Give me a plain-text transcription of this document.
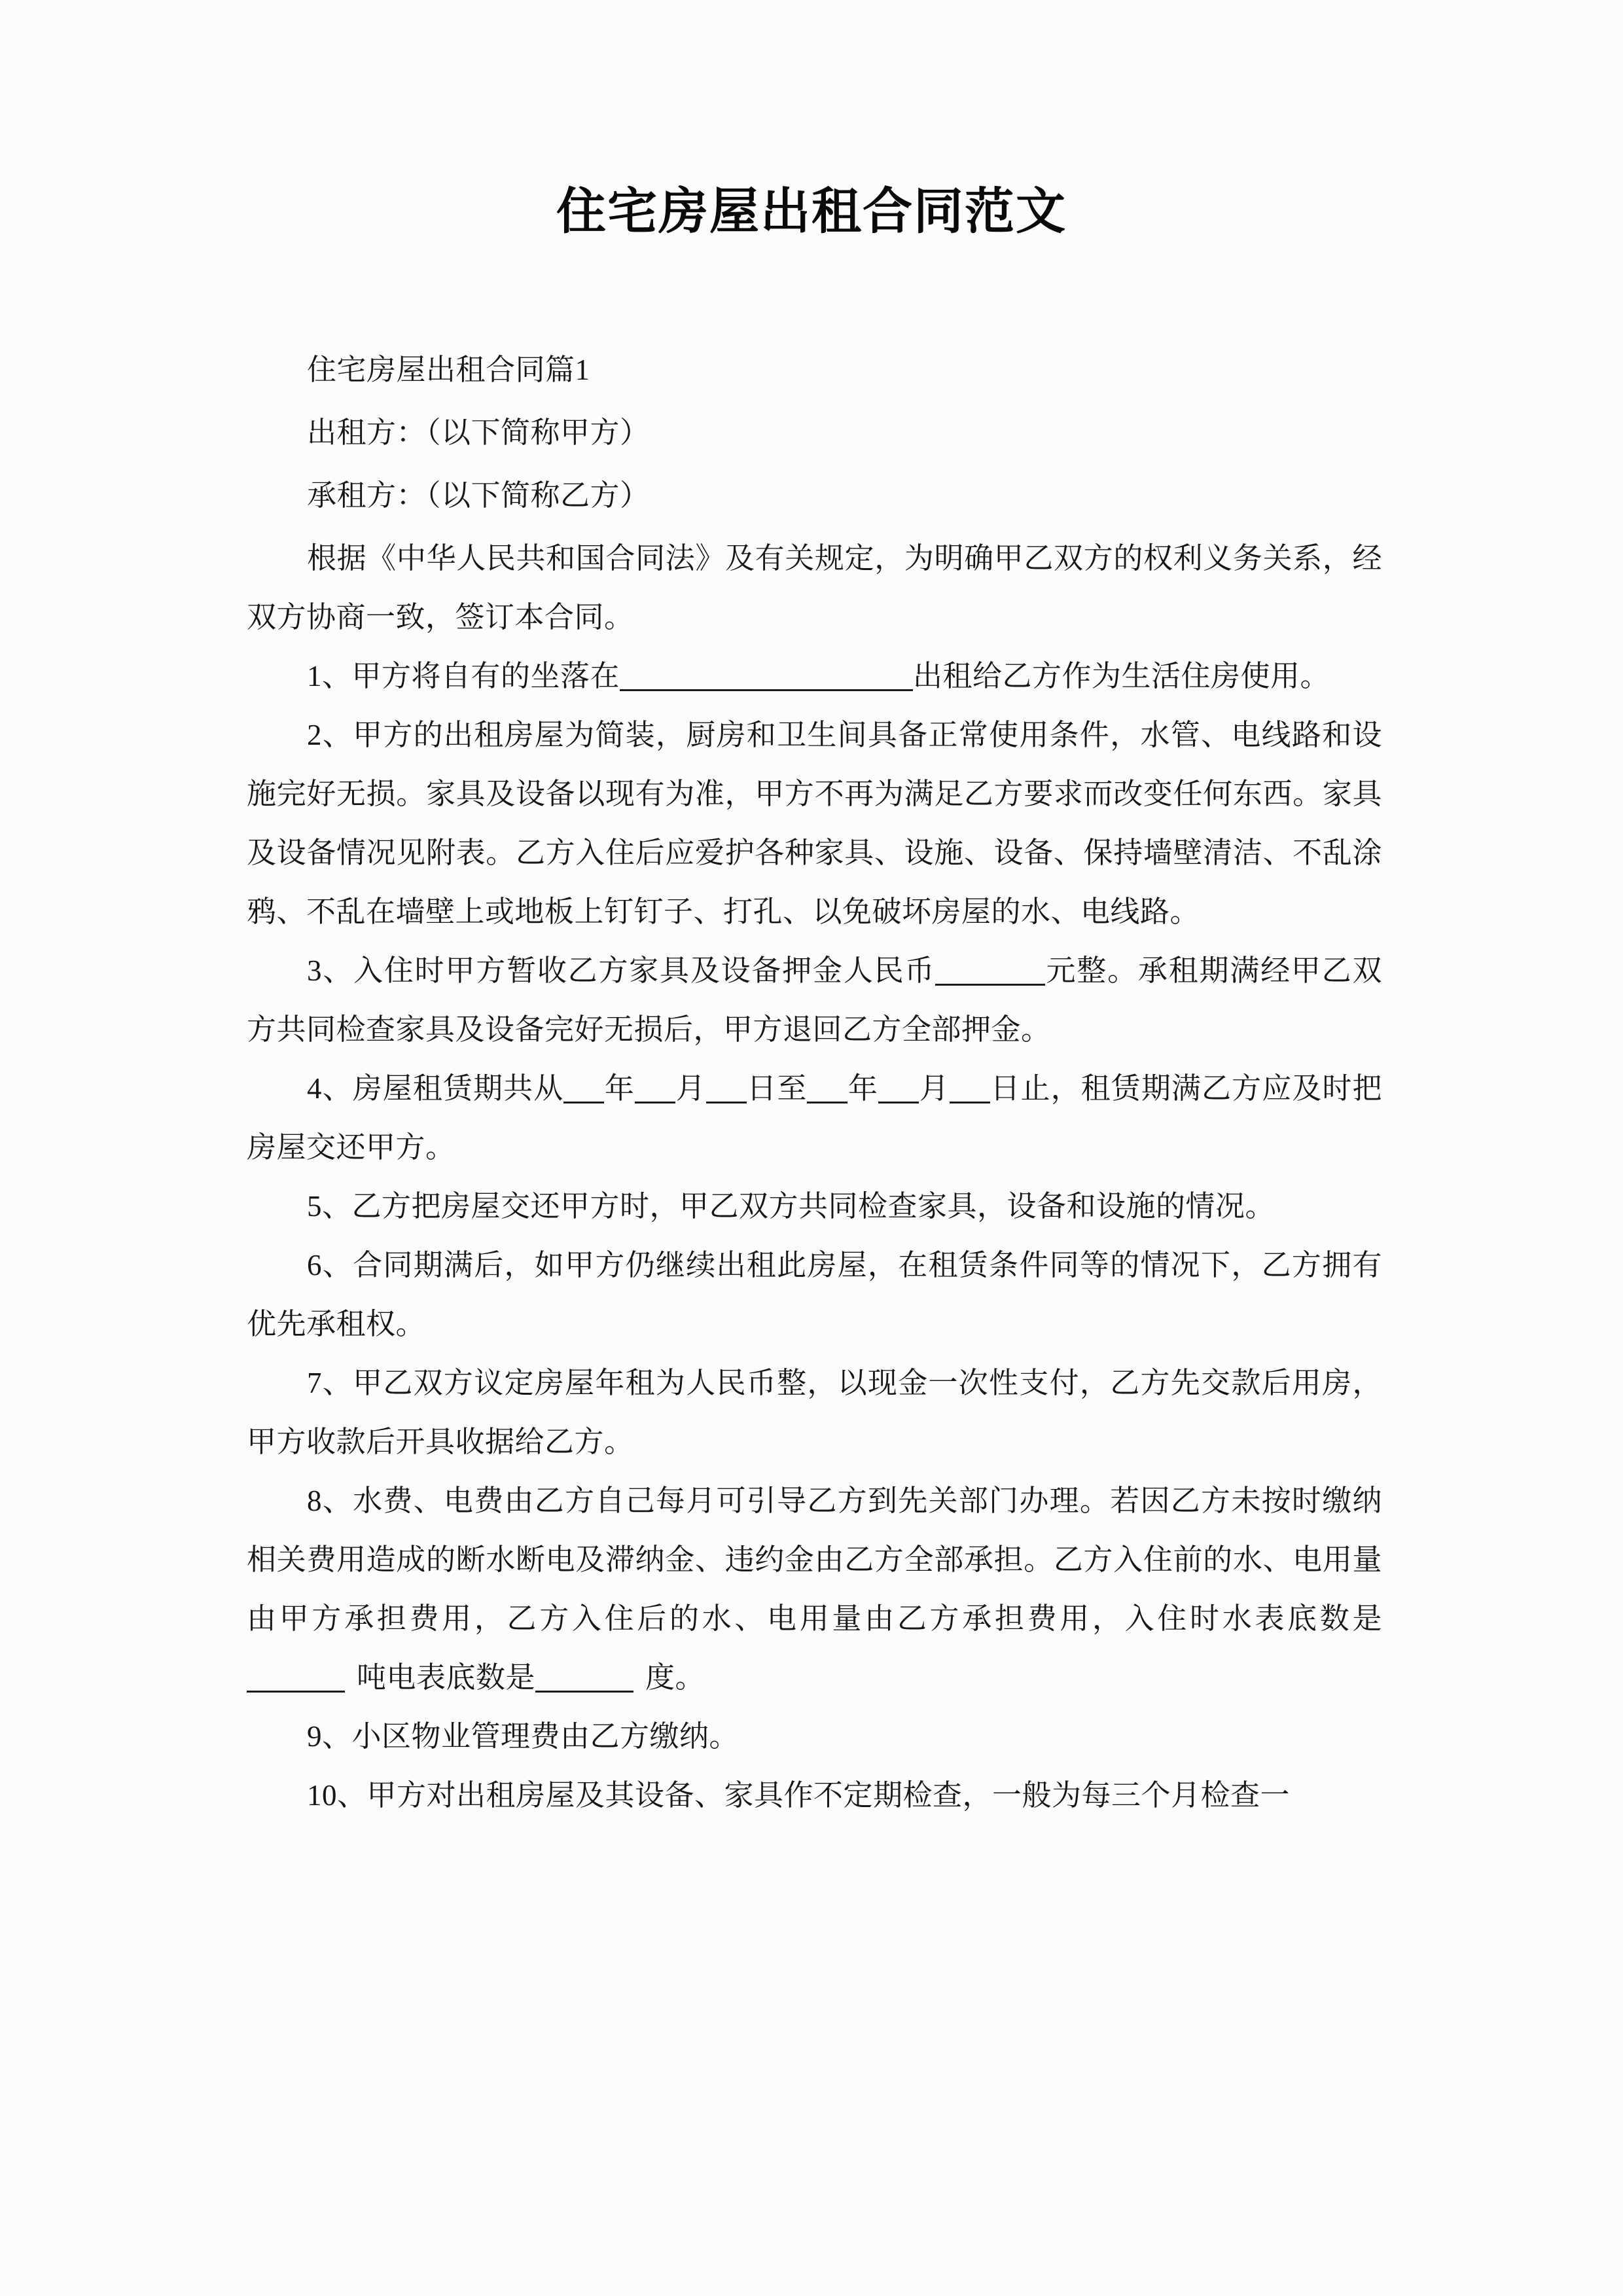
住宅房屋出租合同范文

住宅房屋出租合同篇1

出租方：（以下简称甲方）

承租方：（以下简称乙方）

根据《中华人民共和国合同法》及有关规定，为明确甲乙双方的权利义务关系，经双方协商一致，签订本合同。

1、甲方将自有的坐落在	出租给乙方作为生活住房使用。

2、甲方的出租房屋为简装，厨房和卫生间具备正常使用条件，水管、电线路和设施完好无损。家具及设备以现有为准，甲方不再为满足乙方要求而改变任何东西。家具及设备情况见附表。乙方入住后应爱护各种家具、设施、设备、保持墙壁清洁、不乱涂鸦、不乱在墙壁上或地板上钉钉子、打孔、以免破坏房屋的水、电线路。

3、入住时甲方暂收乙方家具及设备押金人民币	元整。承租期满经甲乙双方共同检查家具及设备完好无损后，甲方退回乙方全部押金。

4、房屋租赁期共从 年 月 日至 年 月 日止，租赁期满乙方应及时把房屋交还甲方。

5、乙方把房屋交还甲方时，甲乙双方共同检查家具，设备和设施的情况。

6、合同期满后，如甲方仍继续出租此房屋，在租赁条件同等的情况下，乙方拥有优先承租权。

7、甲乙双方议定房屋年租为人民币整，以现金一次性支付，乙方先交款后用房，甲方收款后开具收据给乙方。

8、水费、电费由乙方自己每月可引导乙方到先关部门办理。若因乙方未按时缴纳相关费用造成的断水断电及滞纳金、违约金由乙方全部承担。乙方入住前的水、电用量由甲方承担费用，乙方入住后的水、电用量由乙方承担费用，入住时水表底数是吨电表底数是	度。

9、小区物业管理费由乙方缴纳。

10、甲方对出租房屋及其设备、家具作不定期检查，一般为每三个月检查一
